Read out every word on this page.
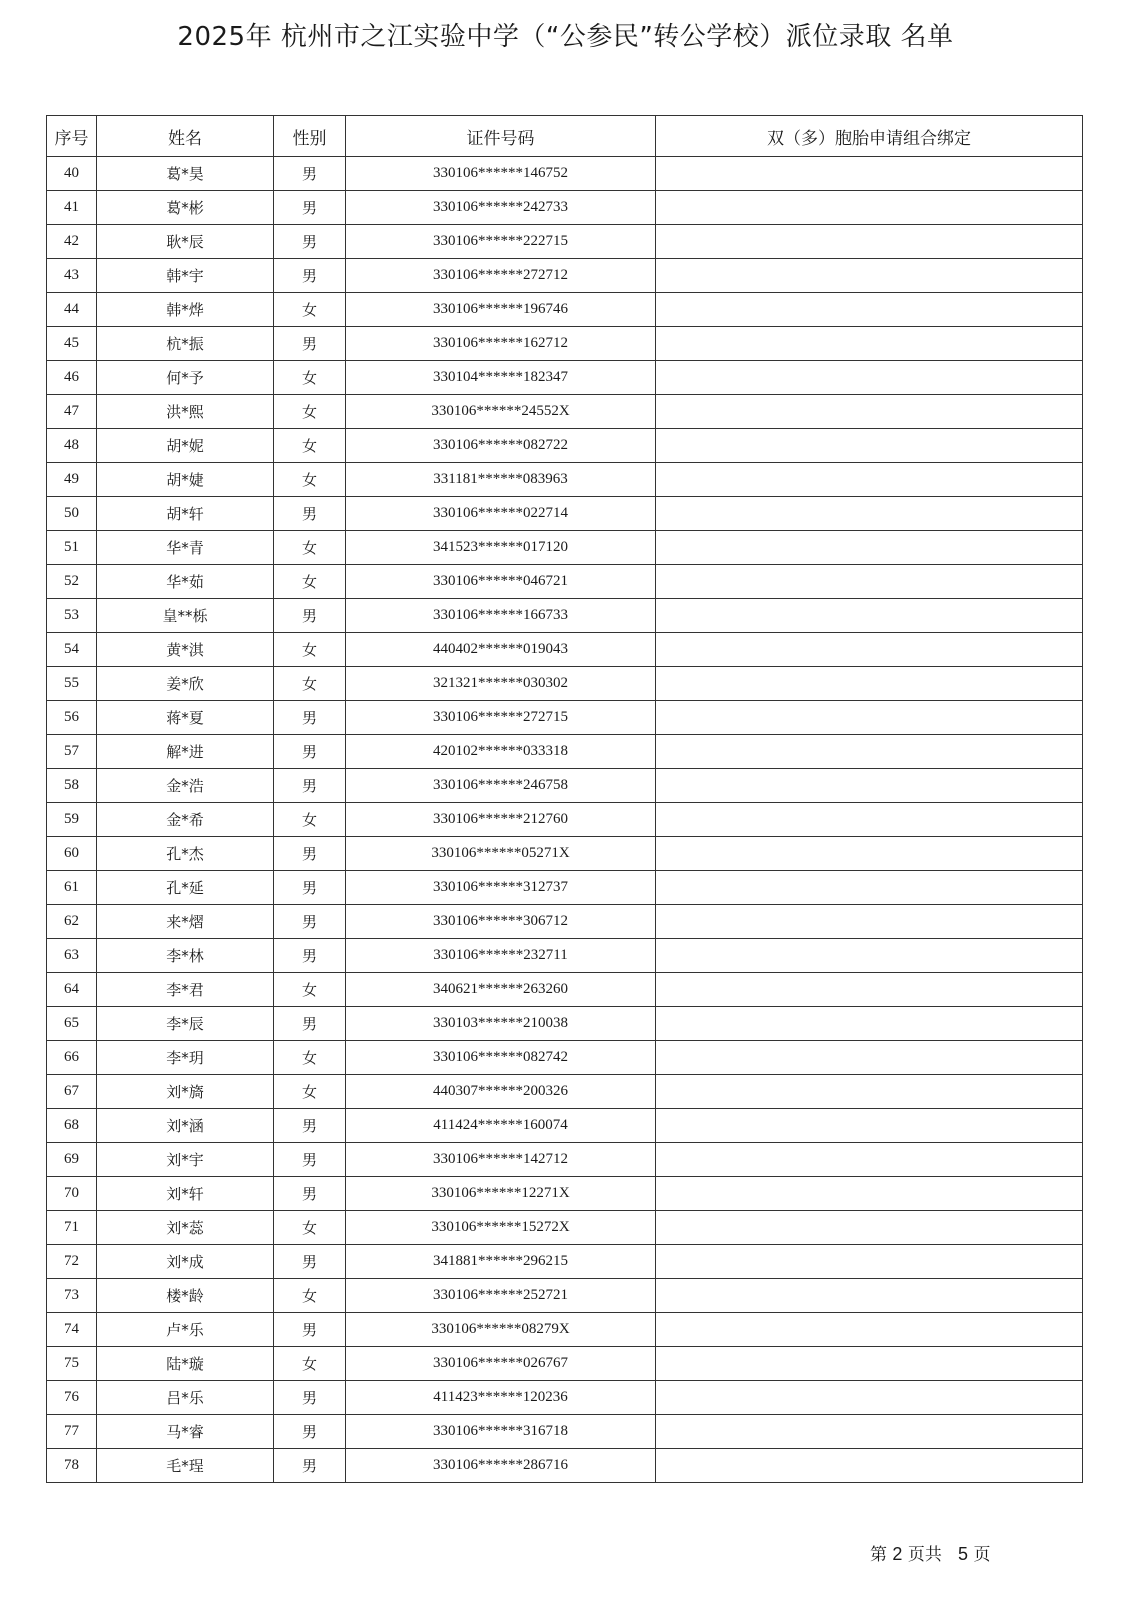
2025年 杭州市之江实验中学（“公参民”转公学校）派位录取 名单
序号	姓名	性别	证件号码	双（多）胞胎申请组合绑定
40	葛*昊	男	330106******146752	
41	葛*彬	男	330106******242733	
42	耿*辰	男	330106******222715	
43	韩*宇	男	330106******272712	
44	韩*烨	女	330106******196746	
45	杭*振	男	330106******162712	
46	何*予	女	330104******182347	
47	洪*熙	女	330106******24552X	
48	胡*妮	女	330106******082722	
49	胡*婕	女	331181******083963	
50	胡*轩	男	330106******022714	
51	华*青	女	341523******017120	
52	华*茹	女	330106******046721	
53	皇**栎	男	330106******166733	
54	黄*淇	女	440402******019043	
55	姜*欣	女	321321******030302	
56	蒋*夏	男	330106******272715	
57	解*进	男	420102******033318	
58	金*浩	男	330106******246758	
59	金*希	女	330106******212760	
60	孔*杰	男	330106******05271X	
61	孔*延	男	330106******312737	
62	来*熠	男	330106******306712	
63	李*林	男	330106******232711	
64	李*君	女	340621******263260	
65	李*辰	男	330103******210038	
66	李*玥	女	330106******082742	
67	刘*旖	女	440307******200326	
68	刘*涵	男	411424******160074	
69	刘*宇	男	330106******142712	
70	刘*轩	男	330106******12271X	
71	刘*蕊	女	330106******15272X	
72	刘*成	男	341881******296215	
73	楼*龄	女	330106******252721	
74	卢*乐	男	330106******08279X	
75	陆*璇	女	330106******026767	
76	吕*乐	男	411423******120236	
77	马*睿	男	330106******316718	
78	毛*珵	男	330106******286716	
第 2 页共 5 页
